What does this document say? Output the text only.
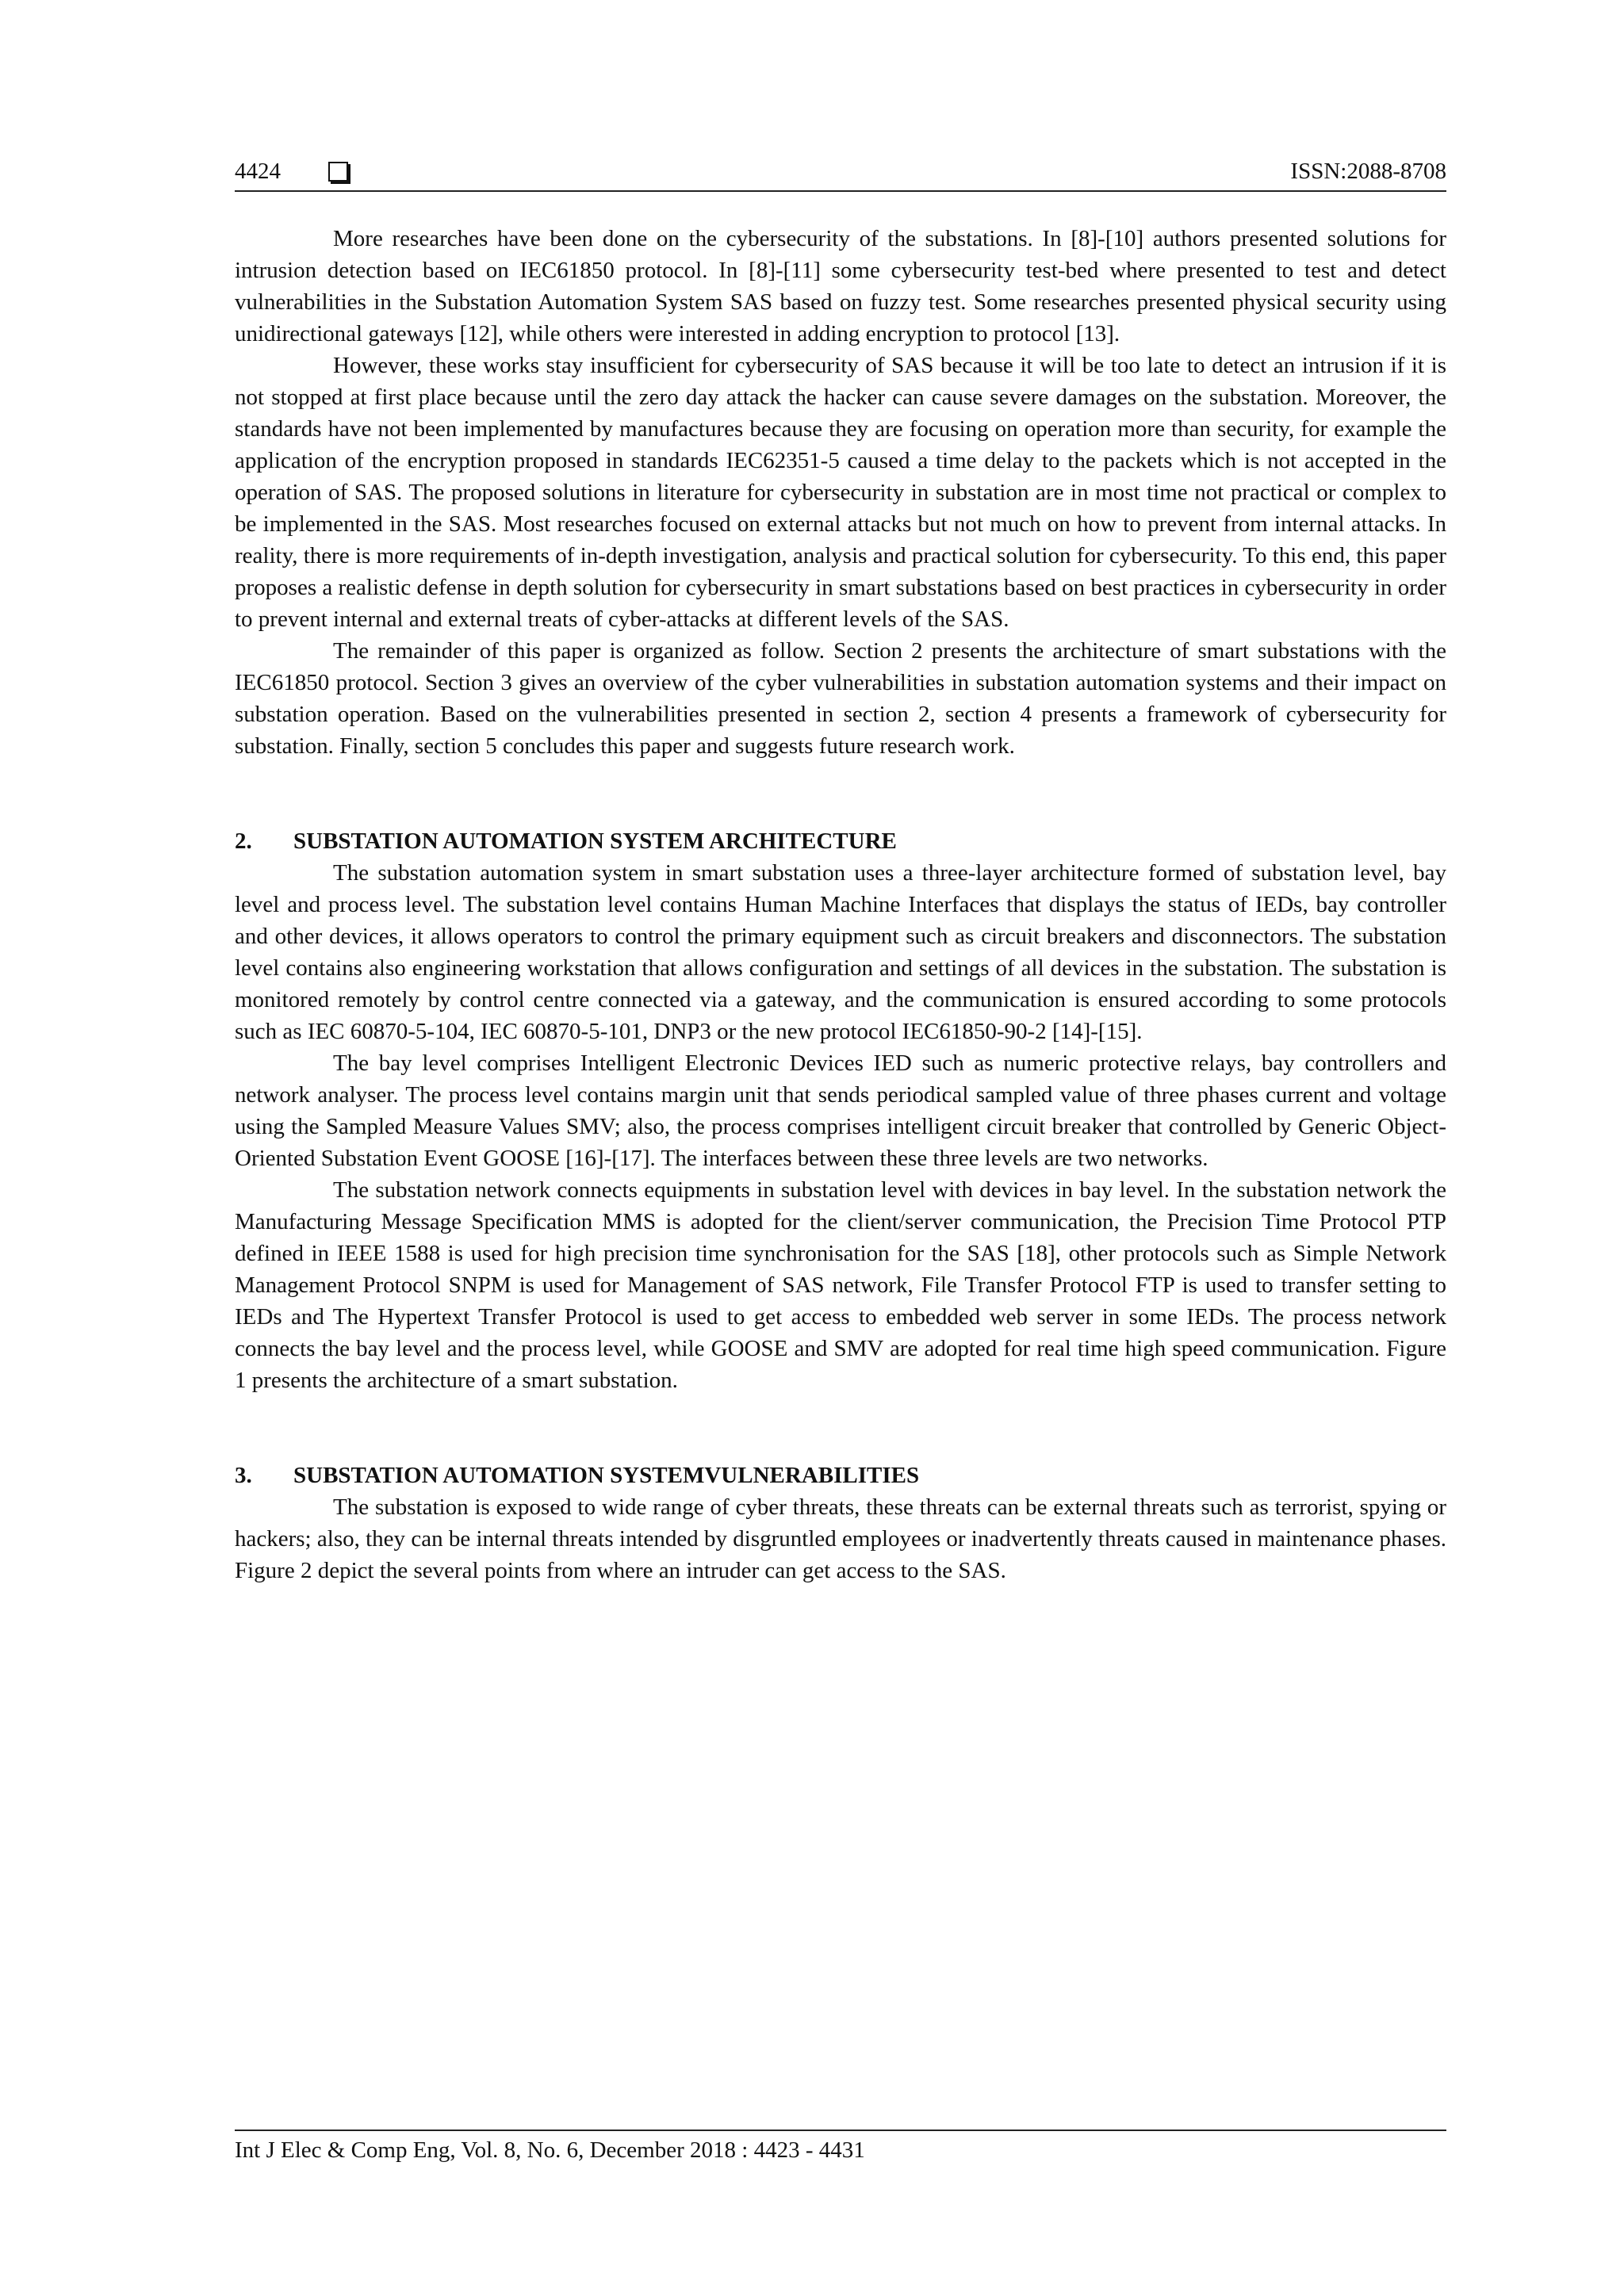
4424	ISSN:2088-8708

More researches have been done on the cybersecurity of the substations. In [8]-[10] authors presented solutions for intrusion detection based on IEC61850 protocol. In [8]-[11] some cybersecurity test-bed where presented to test and detect vulnerabilities in the Substation Automation System SAS based on fuzzy test. Some researches presented physical security using unidirectional gateways [12], while others were interested in adding encryption to protocol [13].

However, these works stay insufficient for cybersecurity of SAS because it will be too late to detect an intrusion if it is not stopped at first place because until the zero day attack the hacker can cause severe damages on the substation. Moreover, the standards have not been implemented by manufactures because they are focusing on operation more than security, for example the application of the encryption proposed in standards IEC62351-5 caused a time delay to the packets which is not accepted in the operation of SAS. The proposed solutions in literature for cybersecurity in substation are in most time not practical or complex to be implemented in the SAS. Most researches focused on external attacks but not much on how to prevent from internal attacks. In reality, there is more requirements of in-depth investigation, analysis and practical solution for cybersecurity. To this end, this paper proposes a realistic defense in depth solution for cybersecurity in smart substations based on best practices in cybersecurity in order to prevent internal and external treats of cyber-attacks at different levels of the SAS.

The remainder of this paper is organized as follow. Section 2 presents the architecture of smart substations with the IEC61850 protocol. Section 3 gives an overview of the cyber vulnerabilities in substation automation systems and their impact on substation operation. Based on the vulnerabilities presented in section 2, section 4 presents a framework of cybersecurity for substation. Finally, section 5 concludes this paper and suggests future research work.

2. SUBSTATION AUTOMATION SYSTEM ARCHITECTURE

The substation automation system in smart substation uses a three-layer architecture formed of substation level, bay level and process level. The substation level contains Human Machine Interfaces that displays the status of IEDs, bay controller and other devices, it allows operators to control the primary equipment such as circuit breakers and disconnectors. The substation level contains also engineering workstation that allows configuration and settings of all devices in the substation. The substation is monitored remotely by control centre connected via a gateway, and the communication is ensured according to some protocols such as IEC 60870-5-104, IEC 60870-5-101, DNP3 or the new protocol IEC61850-90-2 [14]-[15].

The bay level comprises Intelligent Electronic Devices IED such as numeric protective relays, bay controllers and network analyser. The process level contains margin unit that sends periodical sampled value of three phases current and voltage using the Sampled Measure Values SMV; also, the process comprises intelligent circuit breaker that controlled by Generic Object-Oriented Substation Event GOOSE [16]-[17]. The interfaces between these three levels are two networks.

The substation network connects equipments in substation level with devices in bay level. In the substation network the Manufacturing Message Specification MMS is adopted for the client/server communication, the Precision Time Protocol PTP defined in IEEE 1588 is used for high precision time synchronisation for the SAS [18], other protocols such as Simple Network Management Protocol SNPM is used for Management of SAS network, File Transfer Protocol FTP is used to transfer setting to IEDs and The Hypertext Transfer Protocol is used to get access to embedded web server in some IEDs. The process network connects the bay level and the process level, while GOOSE and SMV are adopted for real time high speed communication. Figure 1 presents the architecture of a smart substation.

3. SUBSTATION AUTOMATION SYSTEMVULNERABILITIES

The substation is exposed to wide range of cyber threats, these threats can be external threats such as terrorist, spying or hackers; also, they can be internal threats intended by disgruntled employees or inadvertently threats caused in maintenance phases. Figure 2 depict the several points from where an intruder can get access to the SAS.

Int J Elec & Comp Eng, Vol. 8, No. 6, December 2018 : 4423 - 4431
